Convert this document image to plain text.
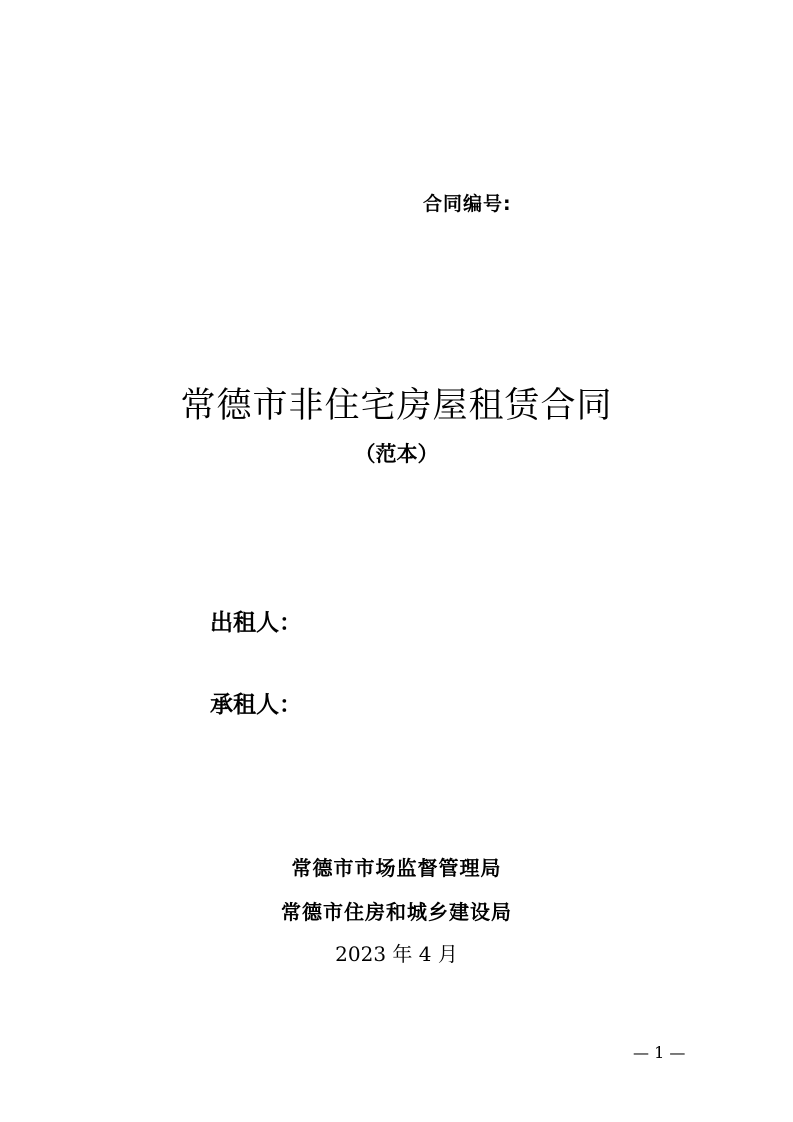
合同编号:
常德市非住宅房屋租赁合同
（范本）
出租人：
承租人：
常德市市场监督管理局
常德市住房和城乡建设局
2023 年 4 月
— 1 —
